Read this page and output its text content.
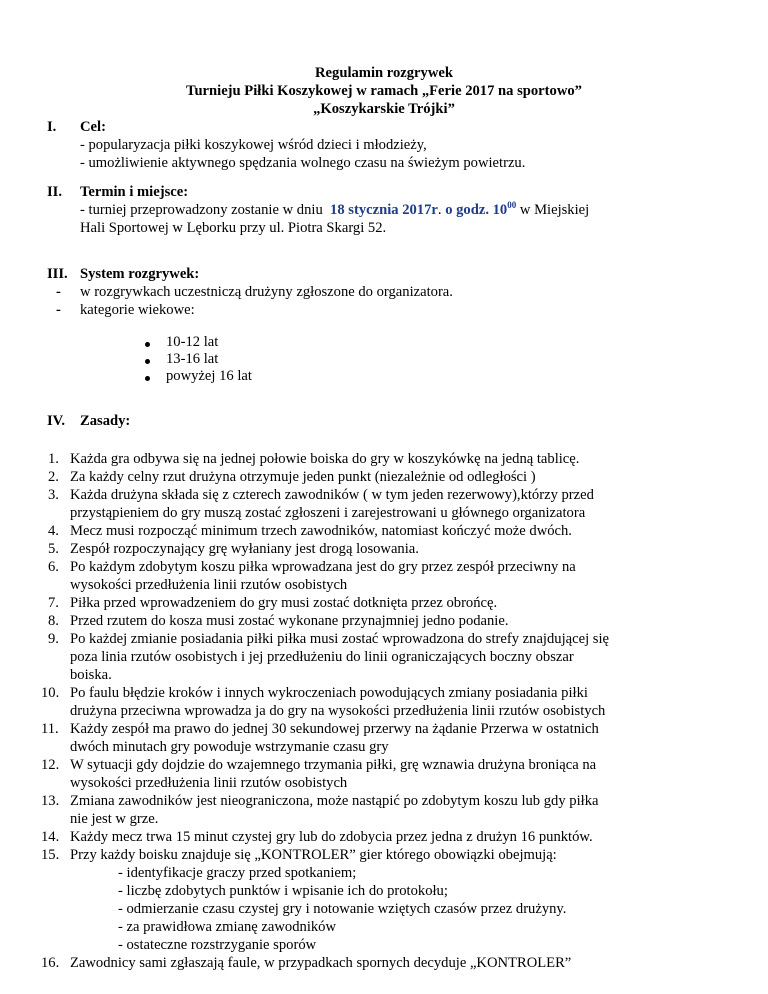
Regulamin rozgrywek
Turnieju Piłki Koszykowej w ramach „Ferie 2017 na sportowo”
„Koszykarskie Trójki”
I. Cel:
- popularyzacja piłki koszykowej wśród dzieci i młodzieży,
- umożliwienie aktywnego spędzania wolnego czasu na świeżym powietrzu.
II. Termin i miejsce:
- turniej przeprowadzony zostanie w dniu 18 stycznia 2017r. o godz. $10^{00}$ w Miejskiej
Hali Sportowej w Lęborku przy ul. Piotra Skargi 52.
III. System rozgrywek:
- w rozgrywkach uczestniczą drużyny zgłoszone do organizatora.
- kategorie wiekowe:
10-12 lat
13-16 lat
powyżej 16 lat
IV. Zasady:
1. Każda gra odbywa się na jednej połowie boiska do gry w koszykówkę na jedną tablicę.
2. Za każdy celny rzut drużyna otrzymuje jeden punkt (niezależnie od odległości )
3. Każda drużyna składa się z czterech zawodników ( w tym jeden rezerwowy),którzy przed
przystąpieniem do gry muszą zostać zgłoszeni i zarejestrowani u głównego organizatora
4. Mecz musi rozpocząć minimum trzech zawodników, natomiast kończyć może dwóch.
5. Zespół rozpoczynający grę wyłaniany jest drogą losowania.
6. Po każdym zdobytym koszu piłka wprowadzana jest do gry przez zespół przeciwny na
wysokości przedłużenia linii rzutów osobistych
7. Piłka przed wprowadzeniem do gry musi zostać dotknięta przez obrońcę.
8. Przed rzutem do kosza musi zostać wykonane przynajmniej jedno podanie.
9. Po każdej zmianie posiadania piłki piłka musi zostać wprowadzona do strefy znajdującej się
poza linia rzutów osobistych i jej przedłużeniu do linii ograniczających boczny obszar
boiska.
10. Po faulu błędzie kroków i innych wykroczeniach powodujących zmiany posiadania piłki
drużyna przeciwna wprowadza ja do gry na wysokości przedłużenia linii rzutów osobistych
11. Każdy zespół ma prawo do jednej 30 sekundowej przerwy na żądanie Przerwa w ostatnich
dwóch minutach gry powoduje wstrzymanie czasu gry
12. W sytuacji gdy dojdzie do wzajemnego trzymania piłki, grę wznawia drużyna broniąca na
wysokości przedłużenia linii rzutów osobistych
13. Zmiana zawodników jest nieograniczona, może nastąpić po zdobytym koszu lub gdy piłka
nie jest w grze.
14. Każdy mecz trwa 15 minut czystej gry lub do zdobycia przez jedna z drużyn 16 punktów.
15. Przy każdy boisku znajduje się „KONTROLER” gier którego obowiązki obejmują:
- identyfikacje graczy przed spotkaniem;
- liczbę zdobytych punktów i wpisanie ich do protokołu;
- odmierzanie czasu czystej gry i notowanie wziętych czasów przez drużyny.
- za prawidłowa zmianę zawodników
- ostateczne rozstrzyganie sporów
16. Zawodnicy sami zgłaszają faule, w przypadkach spornych decyduje „KONTROLER”
